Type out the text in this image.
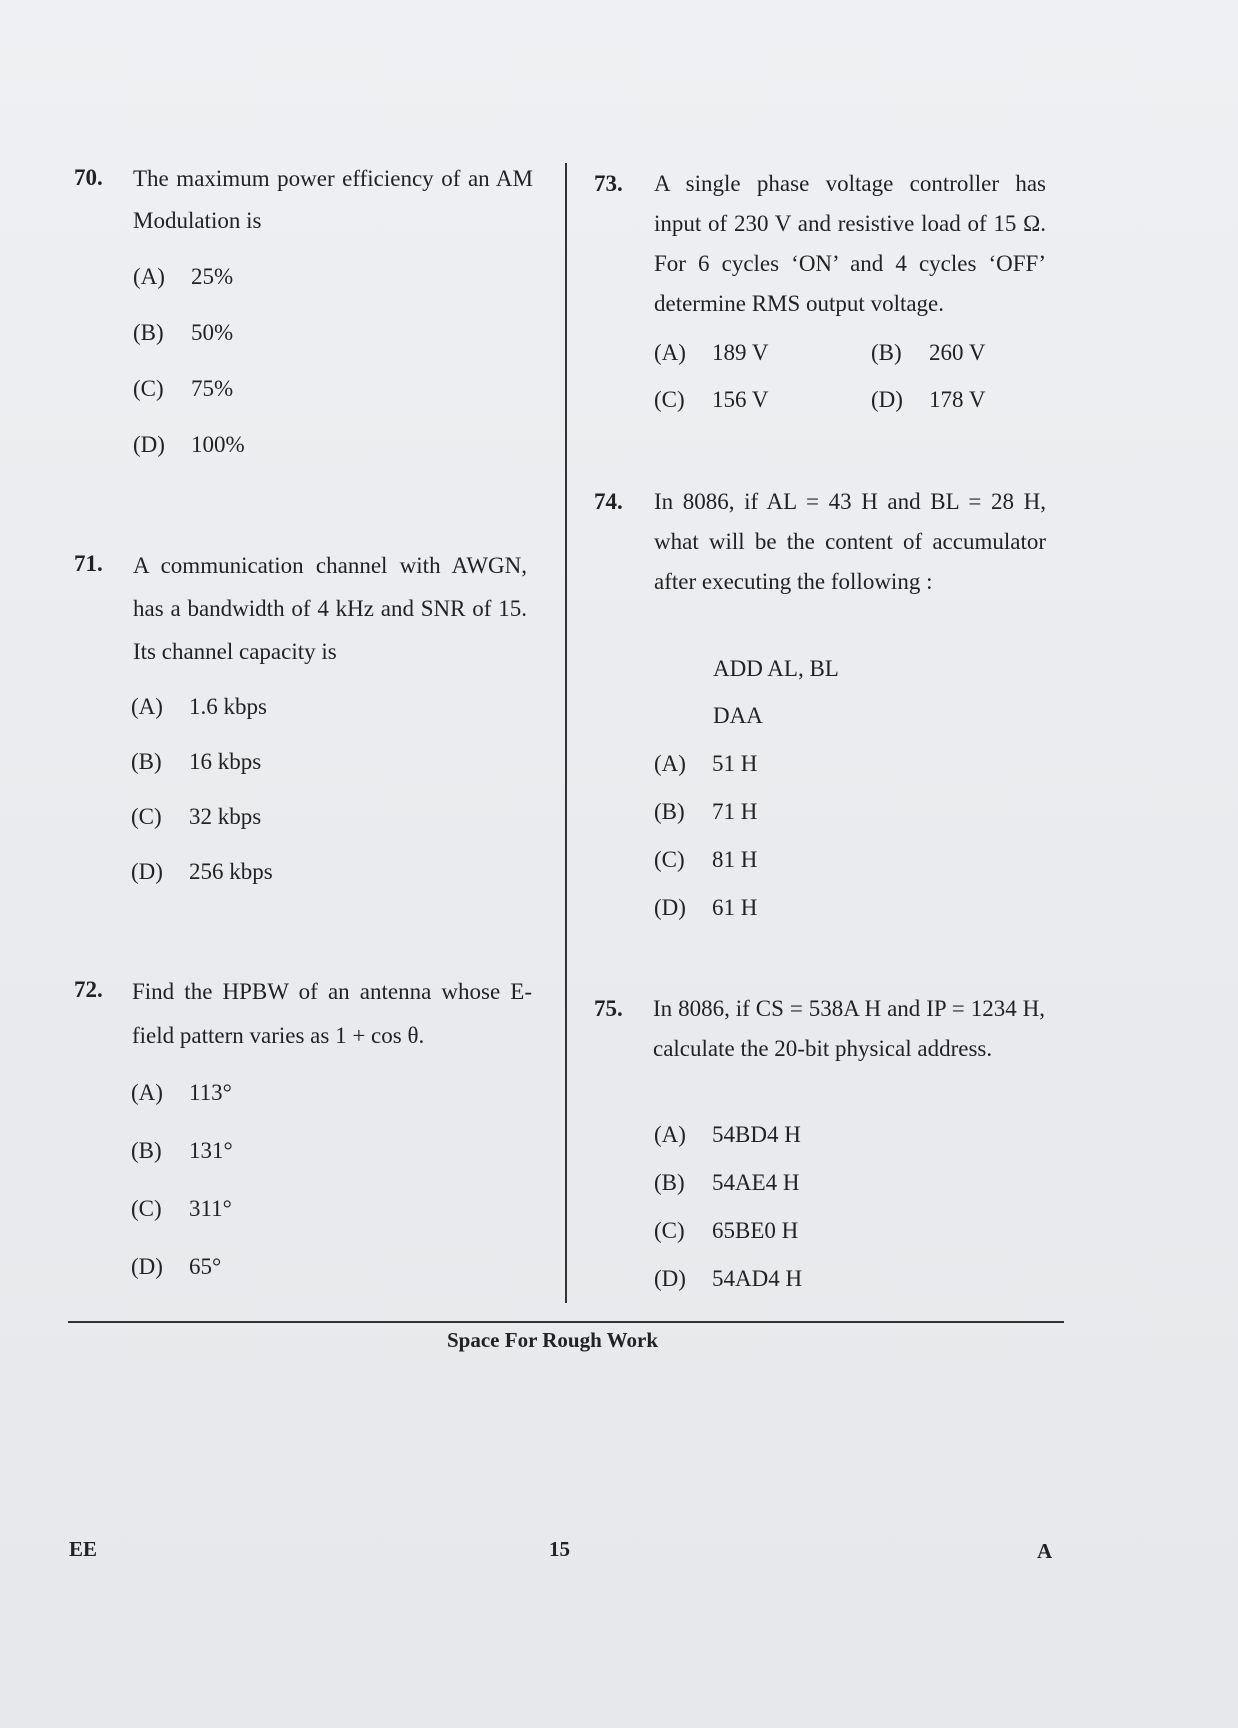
70. The maximum power efficiency of an AM Modulation is
(A) 25%
(B) 50%
(C) 75%
(D) 100%
71. A communication channel with AWGN, has a bandwidth of 4 kHz and SNR of 15. Its channel capacity is
(A) 1.6 kbps
(B) 16 kbps
(C) 32 kbps
(D) 256 kbps
72. Find the HPBW of an antenna whose E-field pattern varies as 1 + cos θ.
(A) 113°
(B) 131°
(C) 311°
(D) 65°
73. A single phase voltage controller has input of 230 V and resistive load of 15 Ω. For 6 cycles ‘ON’ and 4 cycles ‘OFF’ determine RMS output voltage.
(A) 189 V	(B) 260 V
(C) 156 V	(D) 178 V
74. In 8086, if AL = 43 H and BL = 28 H, what will be the content of accumulator after executing the following :
ADD AL, BL
DAA
(A) 51 H
(B) 71 H
(C) 81 H
(D) 61 H
75. In 8086, if CS = 538A H and IP = 1234 H, calculate the 20-bit physical address.
(A) 54BD4 H
(B) 54AE4 H
(C) 65BE0 H
(D) 54AD4 H
Space For Rough Work
EE	15	A
